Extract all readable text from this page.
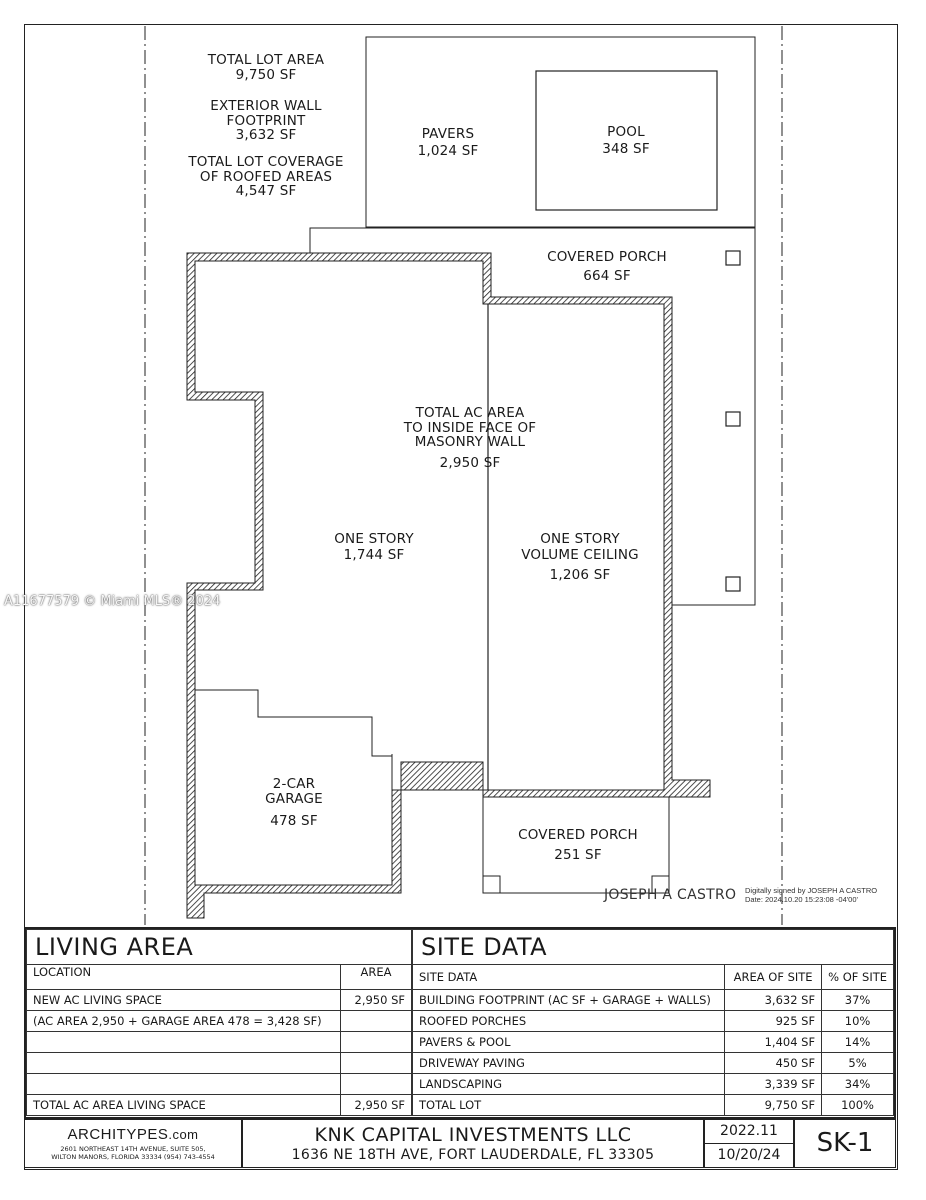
TOTAL LOT AREA
9,750 SF
EXTERIOR WALL
FOOTPRINT
3,632 SF
TOTAL LOT COVERAGE
OF ROOFED AREAS
4,547 SF
PAVERS
1,024 SF
POOL
348 SF
COVERED PORCH
664 SF
TOTAL AC AREA
TO INSIDE FACE OF
MASONRY WALL
2,950 SF
ONE STORY
1,744 SF
ONE STORY
VOLUME CEILING
1,206 SF
2-CAR
GARAGE
478 SF
COVERED PORCH
251 SF
A11677579 © Miami MLS® 2024
JOSEPH A CASTRO Digitally signed by JOSEPH A CASTRO
Date: 2024.10.20 15:23:08 -04'00'
LIVING AREA	
LOCATION	AREA
NEW AC LIVING SPACE	2,950 SF
(AC AREA 2,950 + GARAGE AREA 478 = 3,428 SF)	

TOTAL AC AREA LIVING SPACE	2,950 SF
SITE DATA		
SITE DATA	AREA OF SITE	% OF SITE
BUILDING FOOTPRINT (AC SF + GARAGE + WALLS)	3,632 SF	37%
ROOFED PORCHES	925 SF	10%
PAVERS & POOL	1,404 SF	14%
DRIVEWAY PAVING	450 SF	5%
LANDSCAPING	3,339 SF	34%
TOTAL LOT	9,750 SF	100%
ARCHITYPES.com
2601 NORTHEAST 14TH AVENUE, SUITE 505,
WILTON MANORS, FLORIDA 33334 (954) 743-4554
KNK CAPITAL INVESTMENTS LLC
1636 NE 18TH AVE, FORT LAUDERDALE, FL 33305
2022.11
10/20/24	SK-1
